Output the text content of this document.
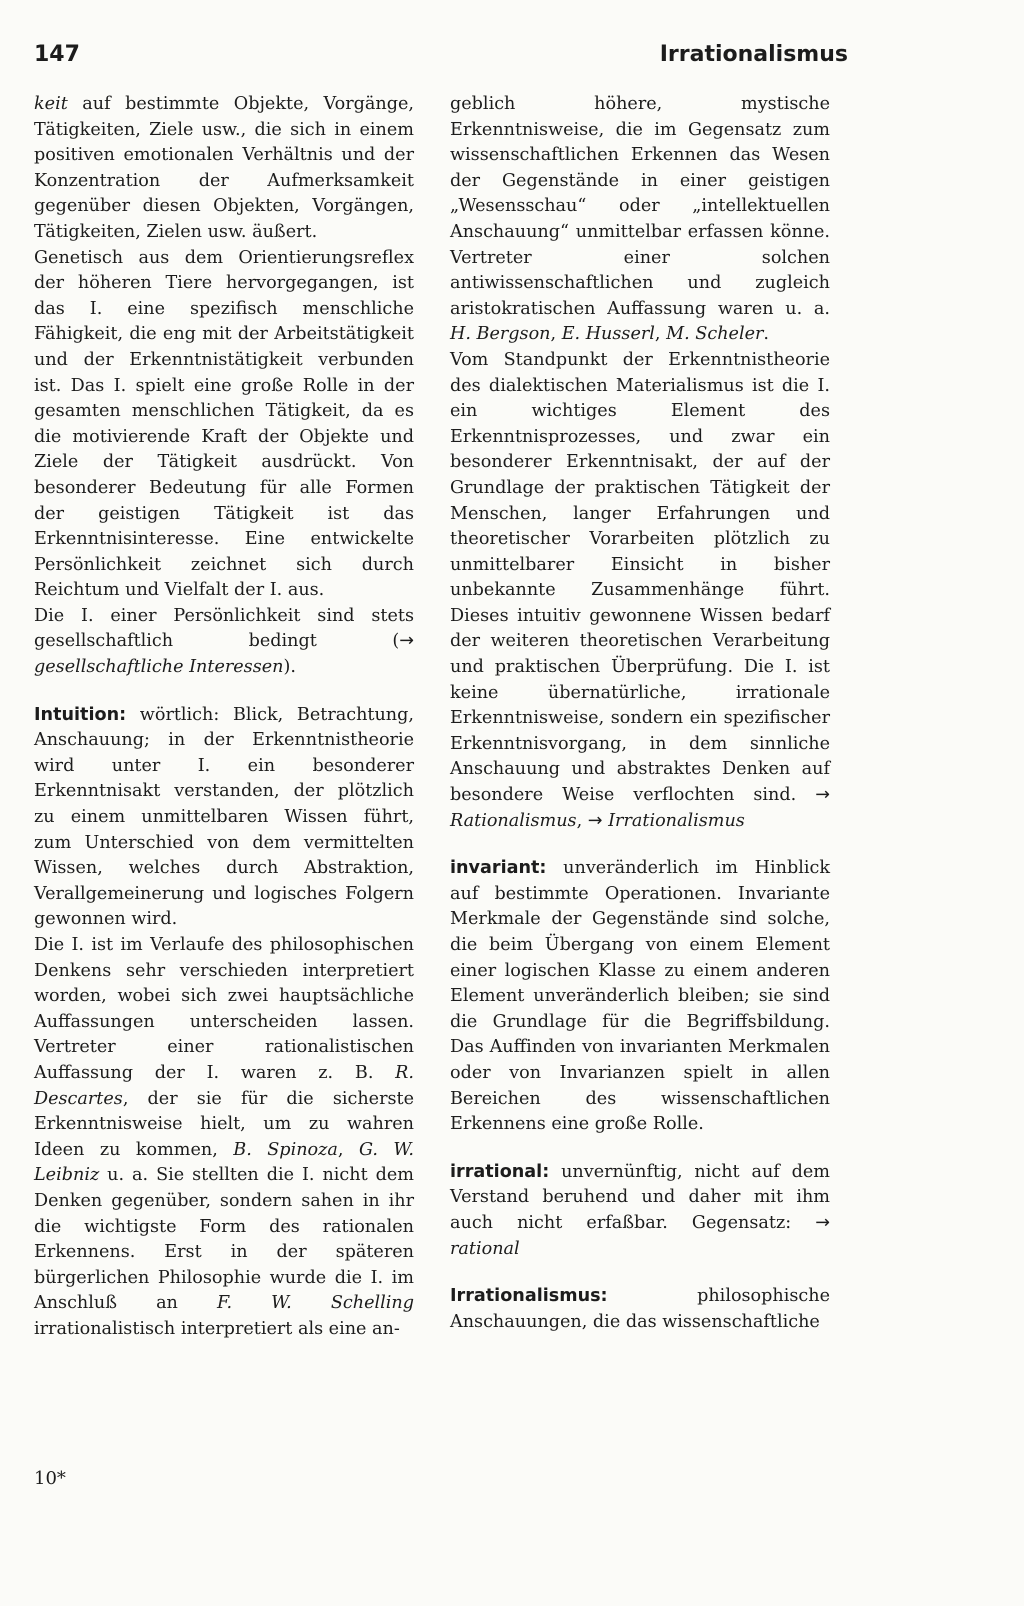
147	Irrationalismus

keit auf bestimmte Objekte, Vorgänge, Tätigkeiten, Ziele usw., die sich in einem positiven emotionalen Verhältnis und der Konzentration der Aufmerksamkeit gegenüber diesen Objekten, Vorgängen, Tätigkeiten, Zielen usw. äußert.

Genetisch aus dem Orientierungsreflex der höheren Tiere hervorgegangen, ist das I. eine spezifisch menschliche Fähigkeit, die eng mit der Arbeitstätigkeit und der Erkenntnistätigkeit verbunden ist. Das I. spielt eine große Rolle in der gesamten menschlichen Tätigkeit, da es die motivierende Kraft der Objekte und Ziele der Tätigkeit ausdrückt. Von besonderer Bedeutung für alle Formen der geistigen Tätigkeit ist das Erkenntnisinteresse. Eine entwickelte Persönlichkeit zeichnet sich durch Reichtum und Vielfalt der I. aus.

Die I. einer Persönlichkeit sind stets gesellschaftlich bedingt (→ gesellschaftliche Interessen).

Intuition: wörtlich: Blick, Betrachtung, Anschauung; in der Erkenntnistheorie wird unter I. ein besonderer Erkenntnisakt verstanden, der plötzlich zu einem unmittelbaren Wissen führt, zum Unterschied von dem vermittelten Wissen, welches durch Abstraktion, Verallgemeinerung und logisches Folgern gewonnen wird.

Die I. ist im Verlaufe des philosophischen Denkens sehr verschieden interpretiert worden, wobei sich zwei hauptsächliche Auffassungen unterscheiden lassen. Vertreter einer rationalistischen Auffassung der I. waren z. B. R. Descartes, der sie für die sicherste Erkenntnisweise hielt, um zu wahren Ideen zu kommen, B. Spinoza, G. W. Leibniz u. a. Sie stellten die I. nicht dem Denken gegenüber, sondern sahen in ihr die wichtigste Form des rationalen Erkennens. Erst in der späteren bürgerlichen Philosophie wurde die I. im Anschluß an F. W. Schelling irrationalistisch interpretiert als eine an-

geblich höhere, mystische Erkenntnisweise, die im Gegensatz zum wissenschaftlichen Erkennen das Wesen der Gegenstände in einer geistigen „Wesensschau“ oder „intellektuellen Anschauung“ unmittelbar erfassen könne. Vertreter einer solchen antiwissenschaftlichen und zugleich aristokratischen Auffassung waren u. a. H. Bergson, E. Husserl, M. Scheler.

Vom Standpunkt der Erkenntnistheorie des dialektischen Materialismus ist die I. ein wichtiges Element des Erkenntnisprozesses, und zwar ein besonderer Erkenntnisakt, der auf der Grundlage der praktischen Tätigkeit der Menschen, langer Erfahrungen und theoretischer Vorarbeiten plötzlich zu unmittelbarer Einsicht in bisher unbekannte Zusammenhänge führt. Dieses intuitiv gewonnene Wissen bedarf der weiteren theoretischen Verarbeitung und praktischen Überprüfung. Die I. ist keine übernatürliche, irrationale Erkenntnisweise, sondern ein spezifischer Erkenntnisvorgang, in dem sinnliche Anschauung und abstraktes Denken auf besondere Weise verflochten sind. → Rationalismus, → Irrationalismus

invariant: unveränderlich im Hinblick auf bestimmte Operationen. Invariante Merkmale der Gegenstände sind solche, die beim Übergang von einem Element einer logischen Klasse zu einem anderen Element unveränderlich bleiben; sie sind die Grundlage für die Begriffsbildung. Das Auffinden von invarianten Merkmalen oder von Invarianzen spielt in allen Bereichen des wissenschaftlichen Erkennens eine große Rolle.

irrational: unvernünftig, nicht auf dem Verstand beruhend und daher mit ihm auch nicht erfaßbar. Gegensatz: → rational

Irrationalismus: philosophische Anschauungen, die das wissenschaftliche

10*
